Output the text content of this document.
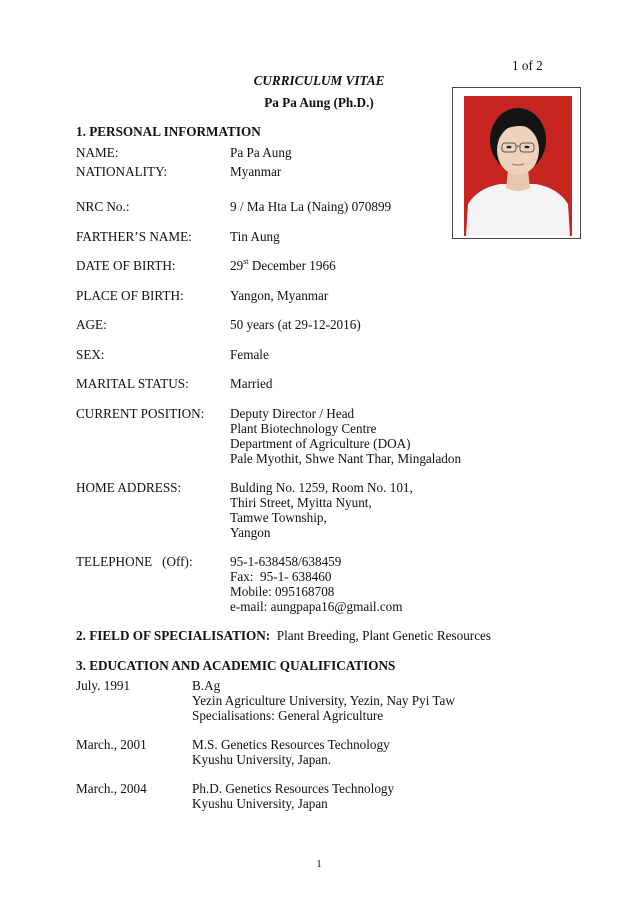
1 of 2
CURRICULUM VITAE
Pa Pa Aung (Ph.D.)
1. PERSONAL INFORMATION
NAME:	Pa Pa Aung
NATIONALITY:	Myanmar
NRC No.:	9 / Ma Hta La (Naing) 070899
FARTHER’S NAME:	Tin Aung
DATE OF BIRTH:	29st December 1966
PLACE OF BIRTH:	Yangon, Myanmar
AGE:	50 years (at 29-12-2016)
SEX:	Female
MARITAL STATUS:	Married
CURRENT POSITION: Deputy Director / Head
Plant Biotechnology Centre
Department of Agriculture (DOA)
Pale Myothit, Shwe Nant Thar, Mingaladon
HOME ADDRESS:	Bulding No. 1259, Room No. 101,
Thiri Street, Myitta Nyunt,
Tamwe Township,
Yangon
TELEPHONE   (Off):	95-1-638458/638459
Fax:  95-1- 638460
Mobile: 095168708
e-mail: aungpapa16@gmail.com
2. FIELD OF SPECIALISATION: Plant Breeding, Plant Genetic Resources
3. EDUCATION AND ACADEMIC QUALIFICATIONS
July. 1991	B.Ag
Yezin Agriculture University, Yezin, Nay Pyi Taw
Specialisations: General Agriculture
March., 2001	M.S. Genetics Resources Technology
Kyushu University, Japan.
March., 2004	Ph.D. Genetics Resources Technology
Kyushu University, Japan
1
